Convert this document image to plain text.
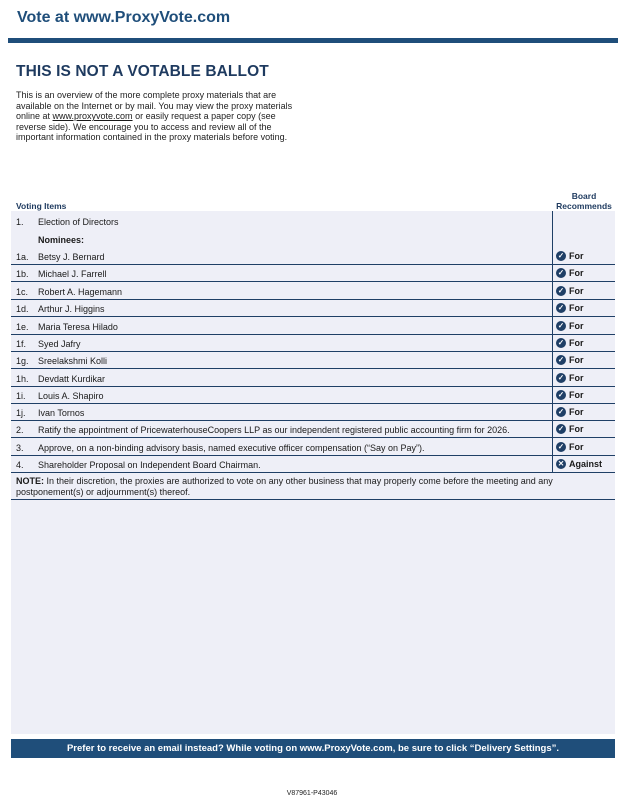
Vote at www.ProxyVote.com
THIS IS NOT A VOTABLE BALLOT
This is an overview of the more complete proxy materials that are available on the Internet or by mail. You may view the proxy materials online at www.proxyvote.com or easily request a paper copy (see reverse side). We encourage you to access and review all of the important information contained in the proxy materials before voting.
Voting Items
Board
Recommends
1. Election of Directors
Nominees:
1a. Betsy J. Bernard	✓ For
1b. Michael J. Farrell	✓ For
1c. Robert A. Hagemann	✓ For
1d. Arthur J. Higgins	✓ For
1e. Maria Teresa Hilado	✓ For
1f. Syed Jafry	✓ For
1g. Sreelakshmi Kolli	✓ For
1h. Devdatt Kurdikar	✓ For
1i. Louis A. Shapiro	✓ For
1j. Ivan Tornos	✓ For
2. Ratify the appointment of PricewaterhouseCoopers LLP as our independent registered public accounting firm for 2026.	✓ For
3. Approve, on a non-binding advisory basis, named executive officer compensation (“Say on Pay”).	✓ For
4. Shareholder Proposal on Independent Board Chairman.	✕ Against
NOTE: In their discretion, the proxies are authorized to vote on any other business that may properly come before the meeting and any postponement(s) or adjournment(s) thereof.
Prefer to receive an email instead? While voting on www.ProxyVote.com, be sure to click “Delivery Settings”.
V87961-P43046
